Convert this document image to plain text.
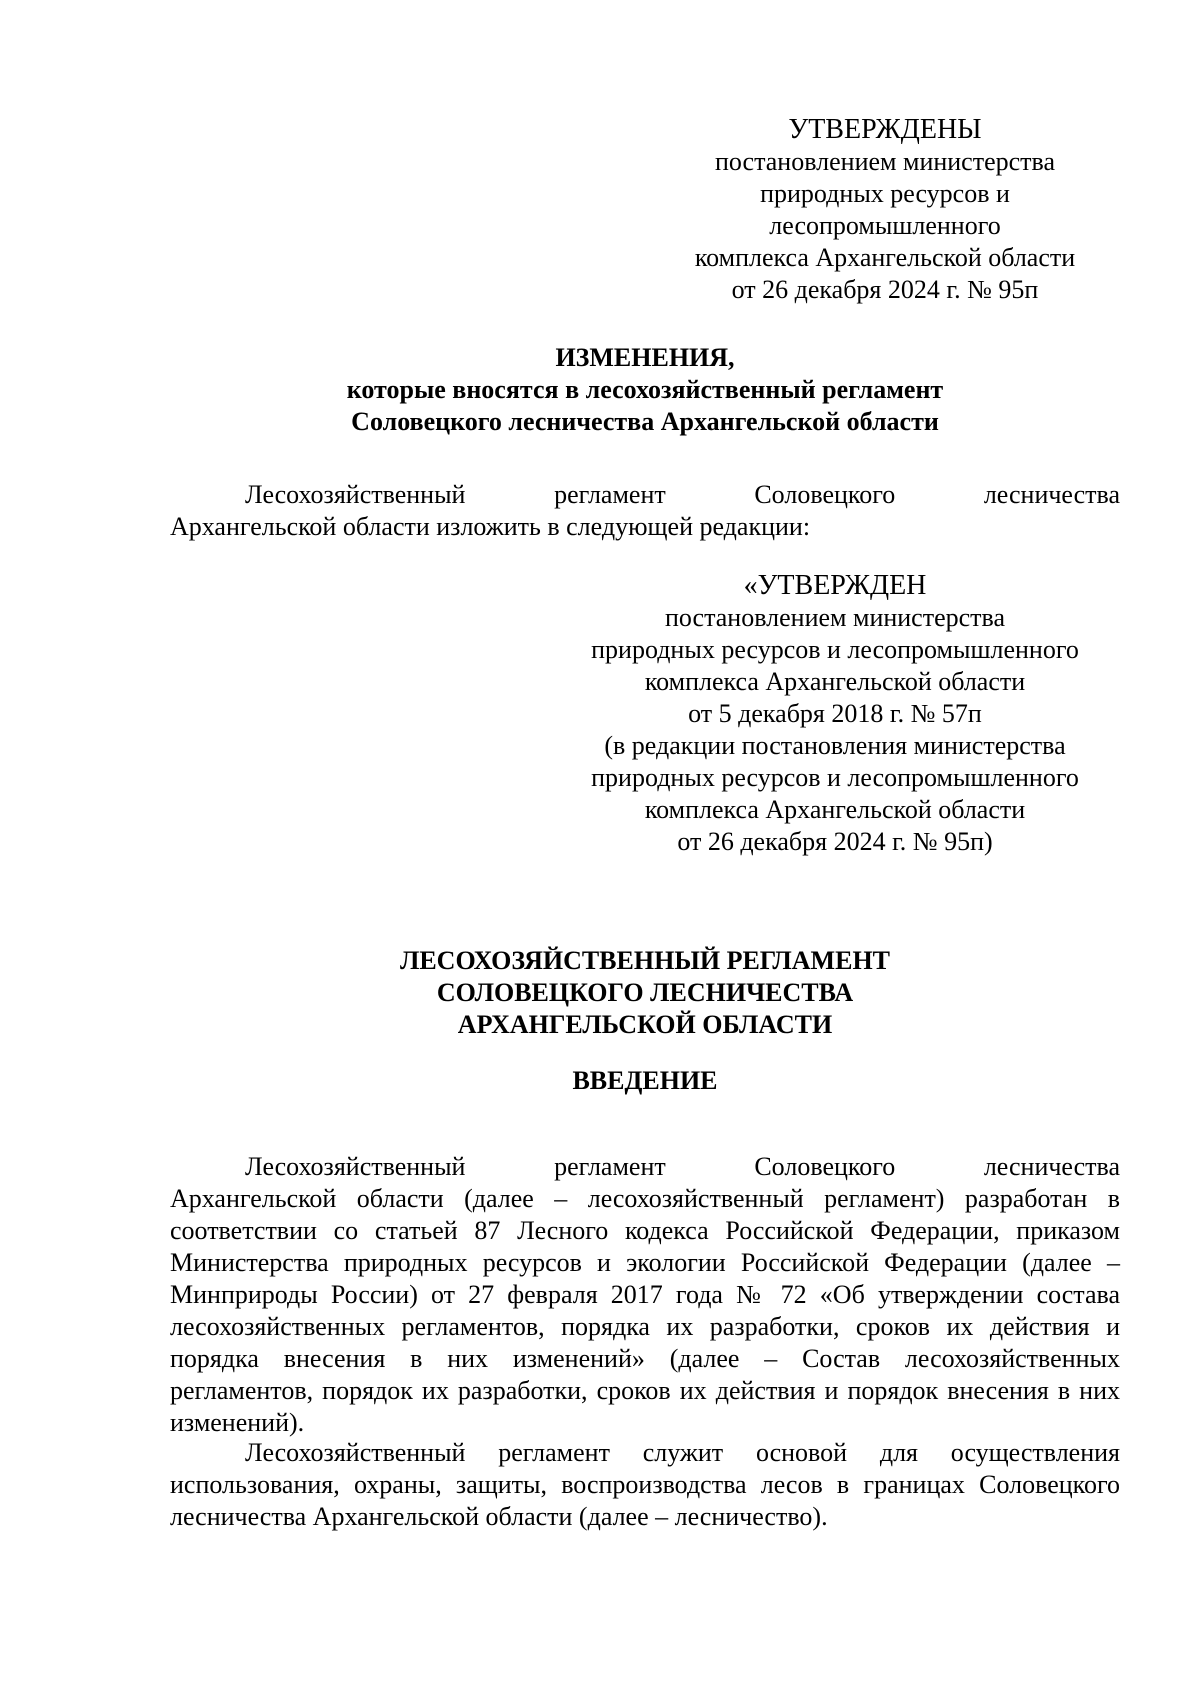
УТВЕРЖДЕНЫ
постановлением министерства
природных ресурсов и
лесопромышленного
комплекса Архангельской области
от 26 декабря 2024 г. № 95п
ИЗМЕНЕНИЯ,
которые вносятся в лесохозяйственный регламент
Соловецкого лесничества Архангельской области
Лесохозяйственный регламент Соловецкого лесничества
Архангельской области изложить в следующей редакции:
«УТВЕРЖДЕН
постановлением министерства
природных ресурсов и лесопромышленного
комплекса Архангельской области
от 5 декабря 2018 г. № 57п
(в редакции постановления министерства
природных ресурсов и лесопромышленного
комплекса Архангельской области
от 26 декабря 2024 г. № 95п)
ЛЕСОХОЗЯЙСТВЕННЫЙ РЕГЛАМЕНТ
СОЛОВЕЦКОГО ЛЕСНИЧЕСТВА
АРХАНГЕЛЬСКОЙ ОБЛАСТИ
ВВЕДЕНИЕ
Лесохозяйственный регламент Соловецкого лесничества
Архангельской области (далее – лесохозяйственный регламент) разработан в соответствии со статьей 87 Лесного кодекса Российской Федерации, приказом Министерства природных ресурсов и экологии Российской Федерации (далее – Минприроды России) от 27 февраля 2017 года № 72 «Об утверждении состава лесохозяйственных регламентов, порядка их разработки, сроков их действия и порядка внесения в них изменений» (далее – Состав лесохозяйственных регламентов, порядок их разработки, сроков их действия и порядок внесения в них изменений).

Лесохозяйственный регламент служит основой для осуществления использования, охраны, защиты, воспроизводства лесов в границах Соловецкого лесничества Архангельской области (далее – лесничество).
